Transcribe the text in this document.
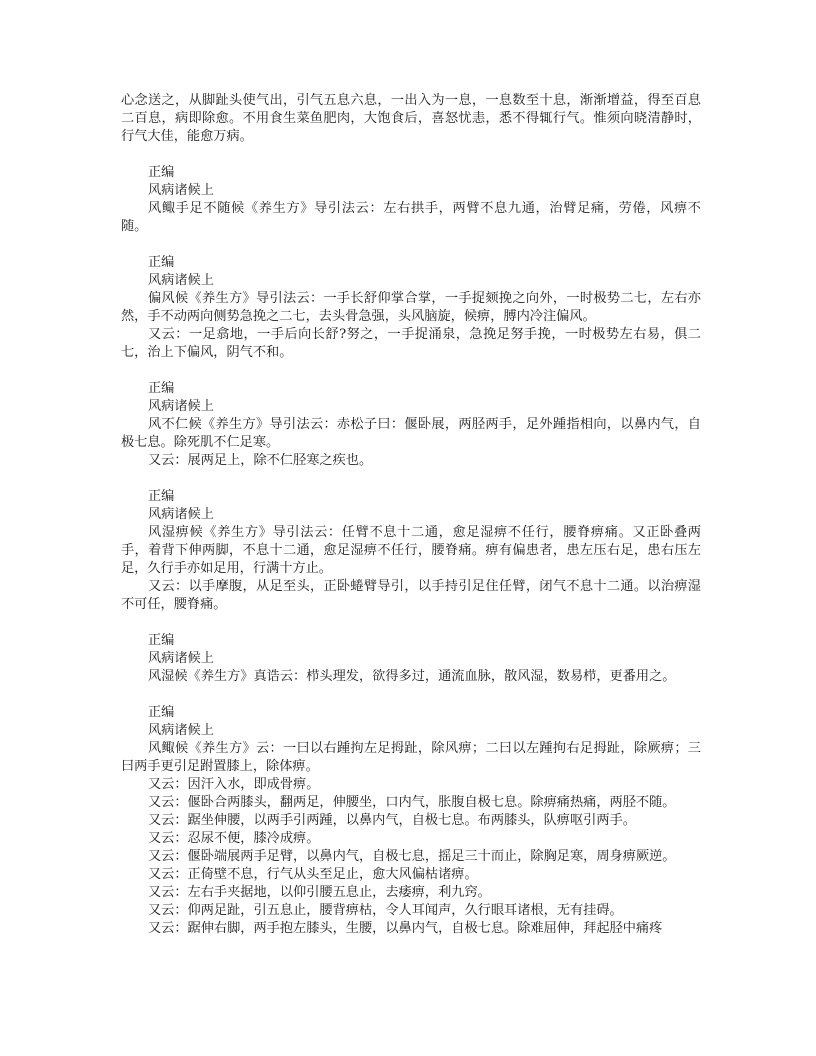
心念送之，从脚趾头使气出，引气五息六息，一出入为一息，一息数至十息，渐渐增益，得至百息二百息，病即除愈。不用食生菜鱼肥肉，大饱食后，喜怒忧恚，悉不得辄行气。惟须向晓清静时，行气大佳，能愈万病。

正编

风病诸候上

风鲰手足不随候《养生方》导引法云：左右拱手，两臂不息九通，治臂足痛，劳倦，风痹不随。

正编

风病诸候上

偏风候《养生方》导引法云：一手长舒仰掌合掌，一手捉颏挽之向外，一时极势二七，左右亦然，手不动两向侧势急挽之二七，去头骨急强，头风脑旋，候痹，膊内冷注偏风。

又云：一足翕地，一手后向长舒?努之，一手捉涌泉，急挽足努手挽，一时极势左右易，俱二七，治上下偏风，阴气不和。

正编

风病诸候上

风不仁候《养生方》导引法云：赤松子曰：偃卧展，两胫两手，足外踵指相向，以鼻内气，自极七息。除死肌不仁足寒。

又云：展两足上，除不仁胫寒之疾也。

正编

风病诸候上

风湿痹候《养生方》导引法云：任臂不息十二通，愈足湿痹不任行，腰脊痹痛。又正卧叠两手，着背下伸两脚，不息十二通，愈足湿痹不任行，腰脊痛。痹有偏患者，患左压右足，患右压左足，久行手亦如足用，行满十方止。

又云：以手摩腹，从足至头，正卧蜷臂导引，以手持引足住任臂，闭气不息十二通。以治痹湿不可任，腰脊痛。

正编

风病诸候上

风湿候《养生方》真诰云：栉头理发，欲得多过，通流血脉，散风湿，数易栉，更番用之。

正编

风病诸候上

风鲰候《养生方》云：一曰以右踵拘左足拇趾，除风痹；二曰以左踵拘右足拇趾，除厥痹；三曰两手更引足跗置膝上，除体痹。

又云：因汗入水，即成骨痹。

又云：偃卧合两膝头，翻两足，伸腰坐，口内气，胀腹自极七息。除痹痛热痛，两胫不随。

又云：踞坐伸腰，以两手引两踵，以鼻内气，自极七息。布两膝头，队痹呕引两手。

又云：忍尿不便，膝冷成痹。

又云：偃卧端展两手足臂，以鼻内气，自极七息，摇足三十而止，除胸足寒，周身痹厥逆。

又云：正倚壁不息，行气从头至足止，愈大风偏枯诸痹。

又云：左右手夹据地，以仰引腰五息止，去痿痹，利九窍。

又云：仰两足趾，引五息止，腰背痹枯，令人耳闻声，久行眼耳诸根，无有挂碍。

又云：踞伸右脚，两手抱左膝头，生腰，以鼻内气，自极七息。除难屈伸，拜起胫中痛疼
